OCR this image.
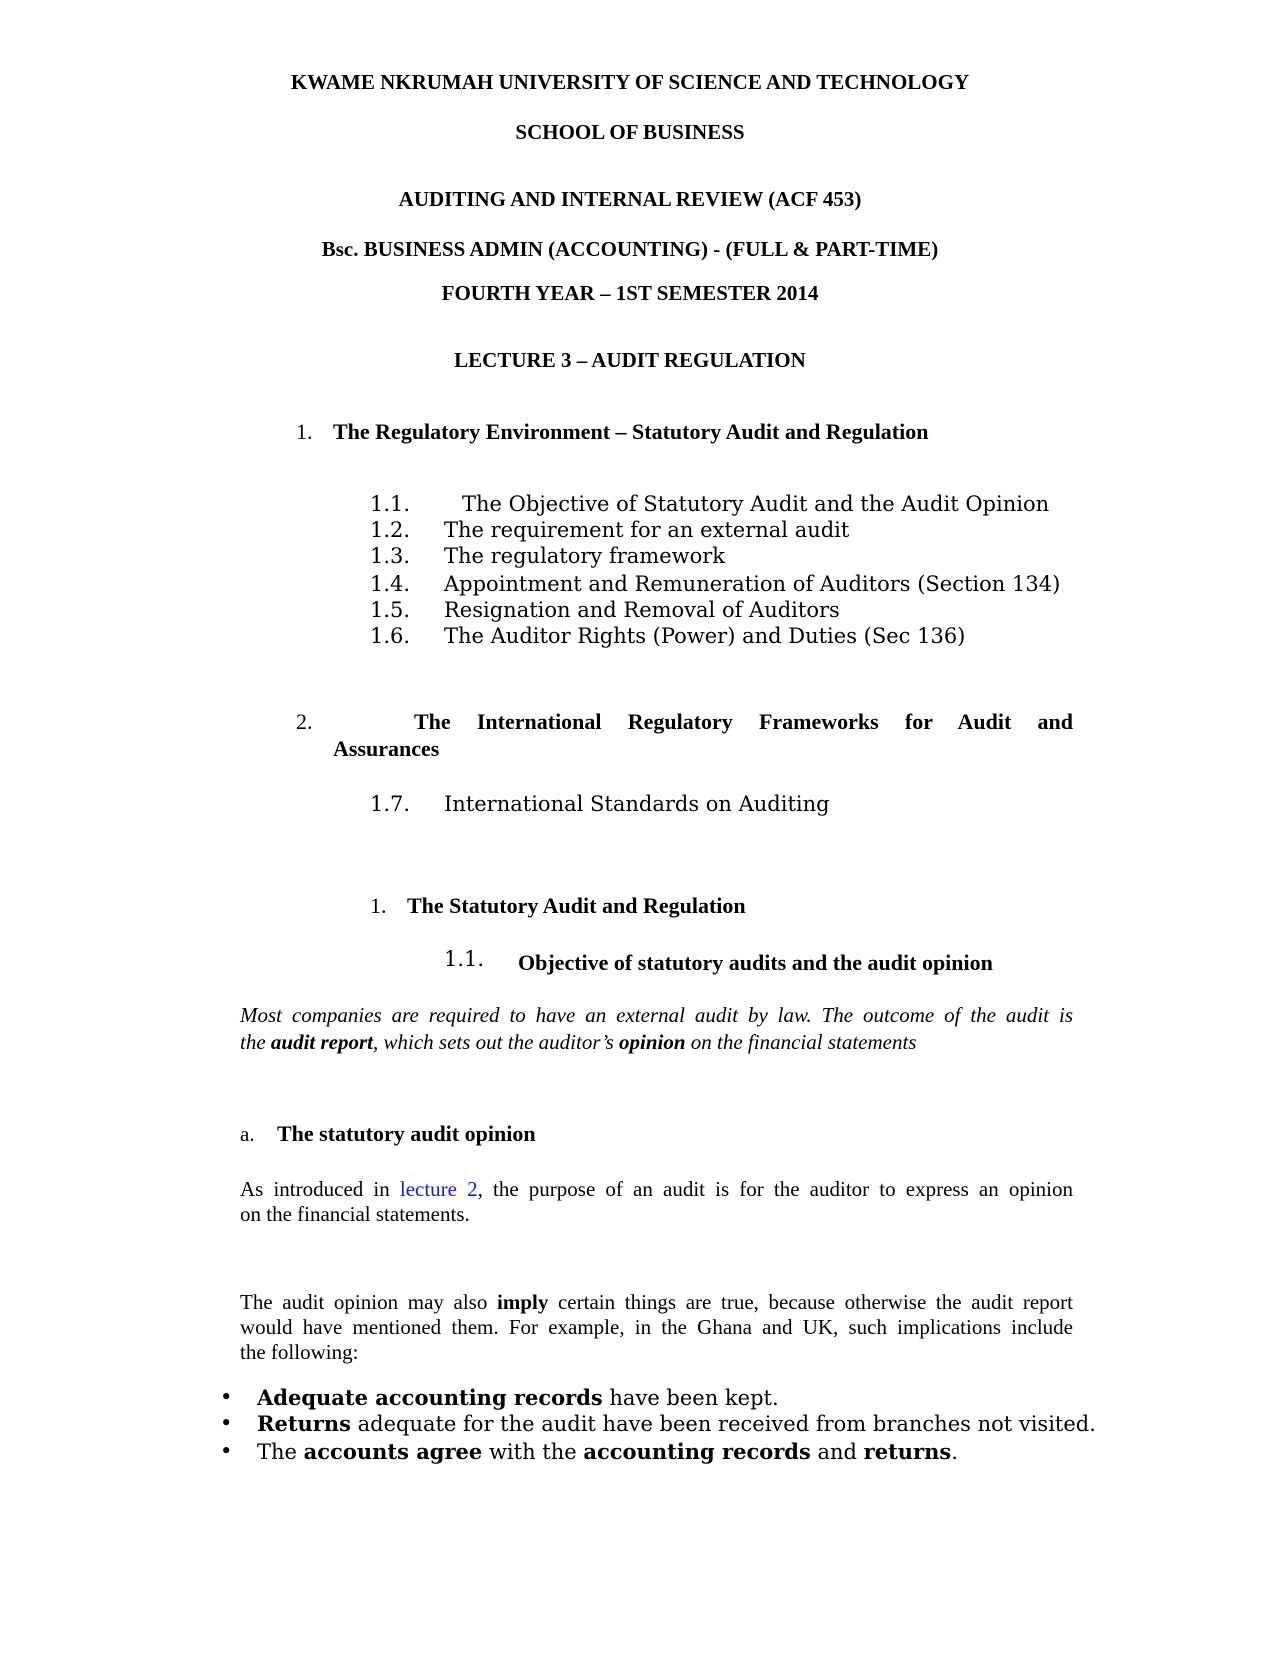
KWAME NKRUMAH UNIVERSITY OF SCIENCE AND TECHNOLOGY
SCHOOL OF BUSINESS
AUDITING AND INTERNAL REVIEW (ACF 453)
Bsc. BUSINESS ADMIN (ACCOUNTING) - (FULL & PART-TIME)
FOURTH YEAR – 1ST SEMESTER 2014
LECTURE 3 – AUDIT REGULATION
1. The Regulatory Environment – Statutory Audit and Regulation
1.1. The Objective of Statutory Audit and the Audit Opinion
1.2. The requirement for an external audit
1.3. The regulatory framework
1.4. Appointment and Remuneration of Auditors (Section 134)
1.5. Resignation and Removal of Auditors
1.6. The Auditor Rights (Power) and Duties (Sec 136)
2.	The International Regulatory Frameworks for Audit and
Assurances
1.7. International Standards on Auditing
1. The Statutory Audit and Regulation
1.1. Objective of statutory audits and the audit opinion
Most companies are required to have an external audit by law. The outcome of the audit is
the audit report, which sets out the auditor’s opinion on the financial statements
a. The statutory audit opinion
As introduced in lecture 2, the purpose of an audit is for the auditor to express an opinion
on the financial statements.
The audit opinion may also imply certain things are true, because otherwise the audit report
would have mentioned them. For example, in the Ghana and UK, such implications include
the following:
• Adequate accounting records have been kept.
• Returns adequate for the audit have been received from branches not visited.
• The accounts agree with the accounting records and returns.
